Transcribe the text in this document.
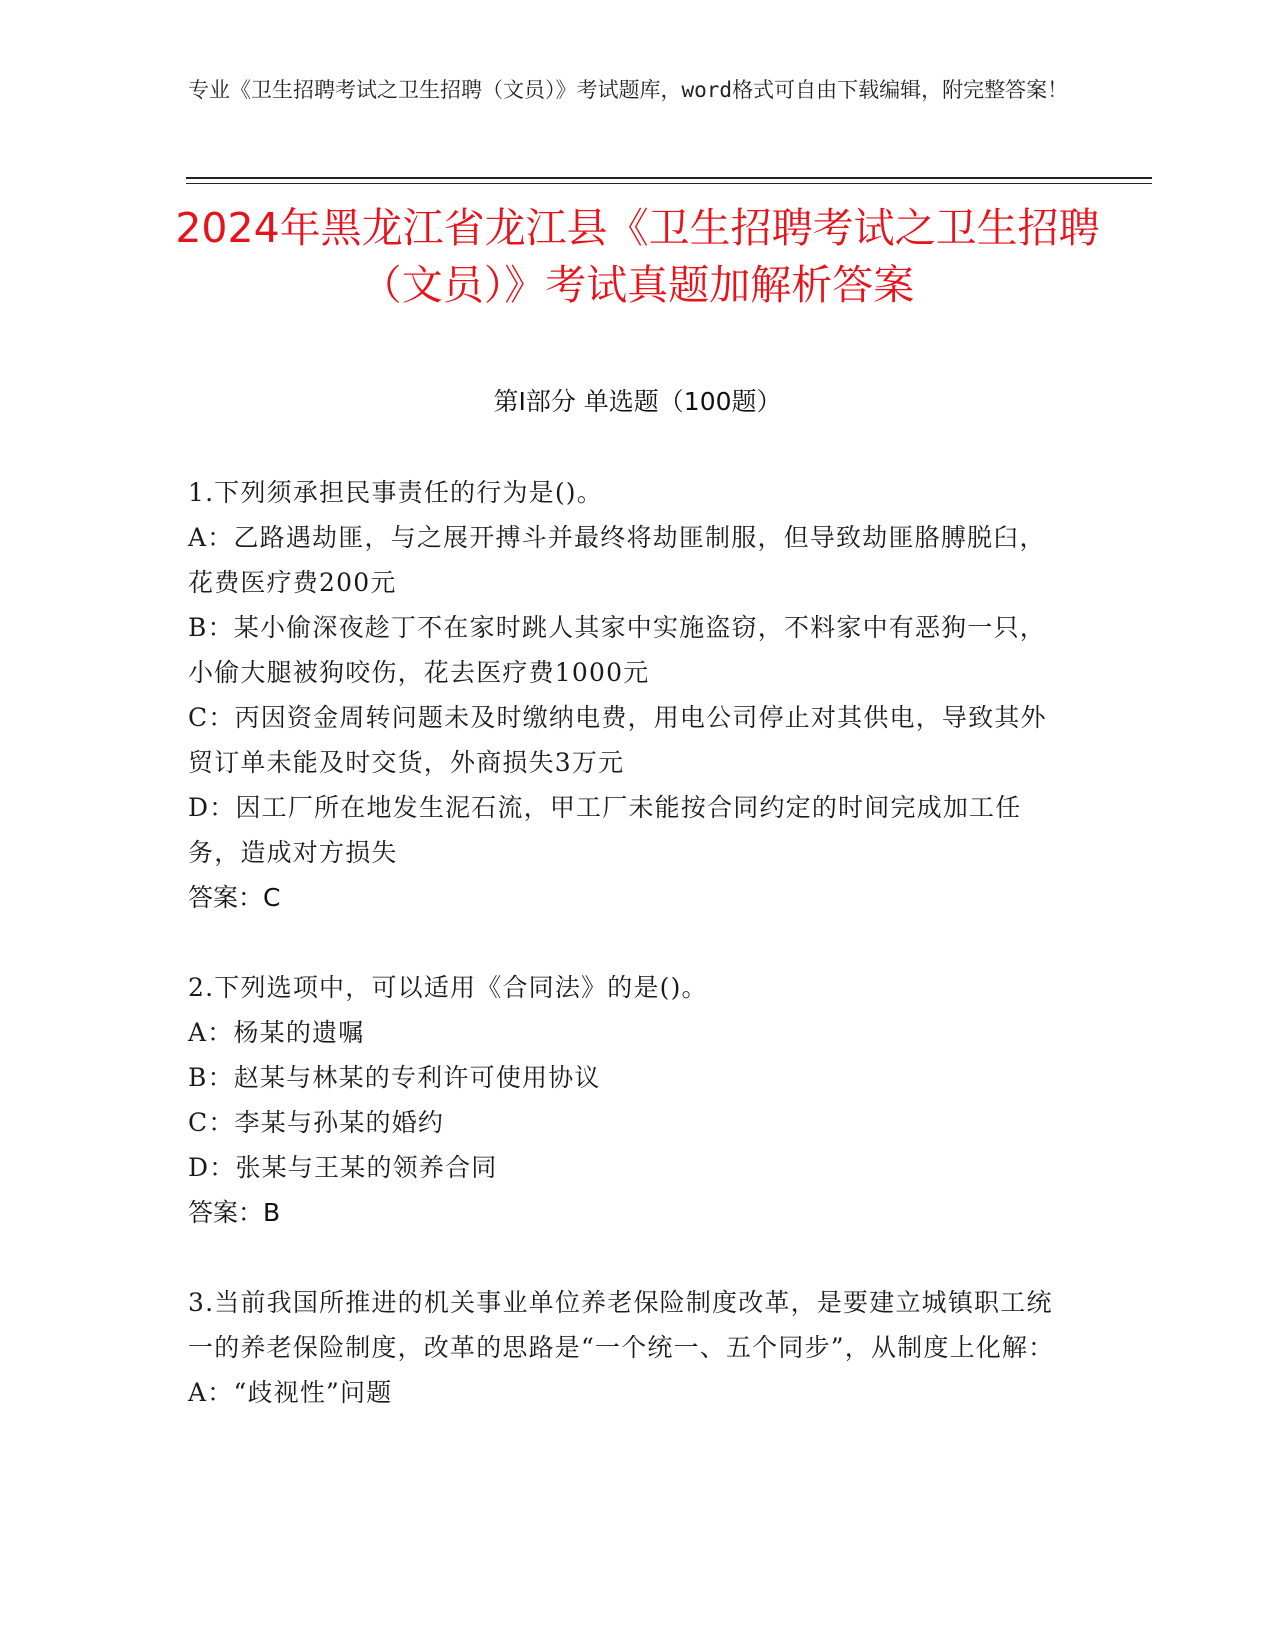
专业《卫生招聘考试之卫生招聘（文员）》考试题库，word格式可自由下载编辑，附完整答案！
2024年黑龙江省龙江县《卫生招聘考试之卫生招聘（文员）》考试真题加解析答案
第Ⅰ部分 单选题（100题）
1.下列须承担民事责任的行为是()。
A：乙路遇劫匪，与之展开搏斗并最终将劫匪制服，但导致劫匪胳膊脱臼，花费医疗费200元
B：某小偷深夜趁丁不在家时跳人其家中实施盗窃，不料家中有恶狗一只，小偷大腿被狗咬伤，花去医疗费1000元
C：丙因资金周转问题未及时缴纳电费，用电公司停止对其供电，导致其外贸订单未能及时交货，外商损失3万元
D：因工厂所在地发生泥石流，甲工厂未能按合同约定的时间完成加工任务，造成对方损失
答案：C
2.下列选项中，可以适用《合同法》的是()。
A：杨某的遗嘱
B：赵某与林某的专利许可使用协议
C：李某与孙某的婚约
D：张某与王某的领养合同
答案：B
3.当前我国所推进的机关事业单位养老保险制度改革，是要建立城镇职工统一的养老保险制度，改革的思路是“一个统一、五个同步”，从制度上化解：
A：“歧视性”问题
